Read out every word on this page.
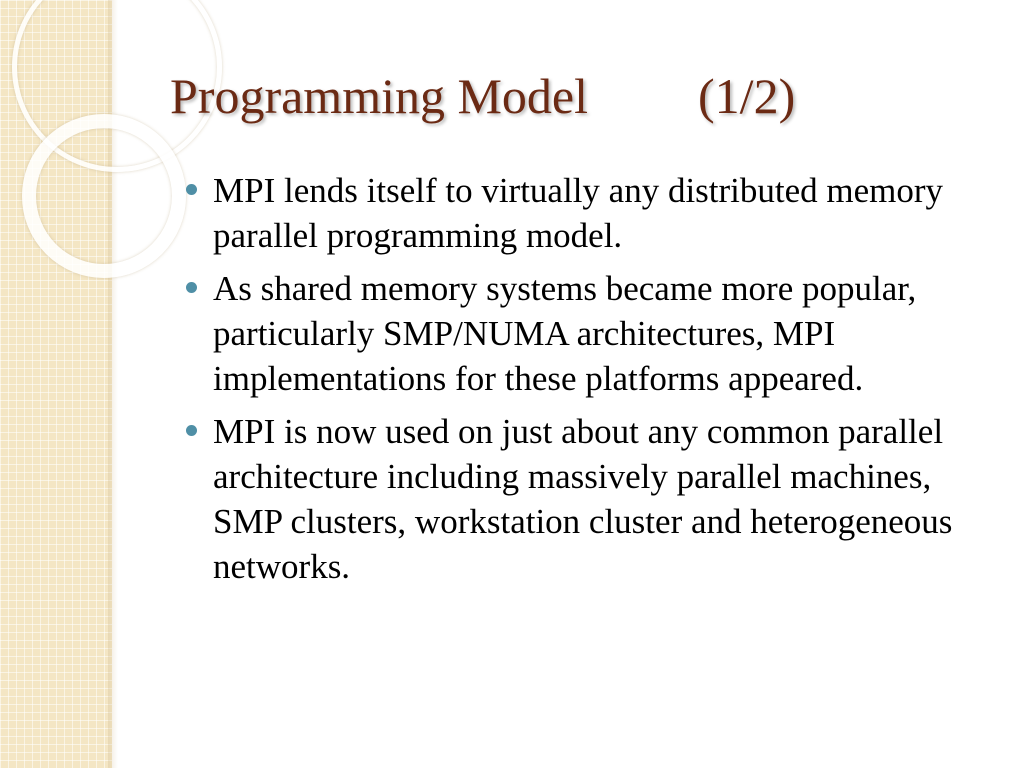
Programming Model (1/2)
MPI lends itself to virtually any distributed memory parallel programming model.
As shared memory systems became more popular, particularly SMP/NUMA architectures, MPI implementations for these platforms appeared.
MPI is now used on just about any common parallel architecture including massively parallel machines, SMP clusters, workstation cluster and heterogeneous networks.
